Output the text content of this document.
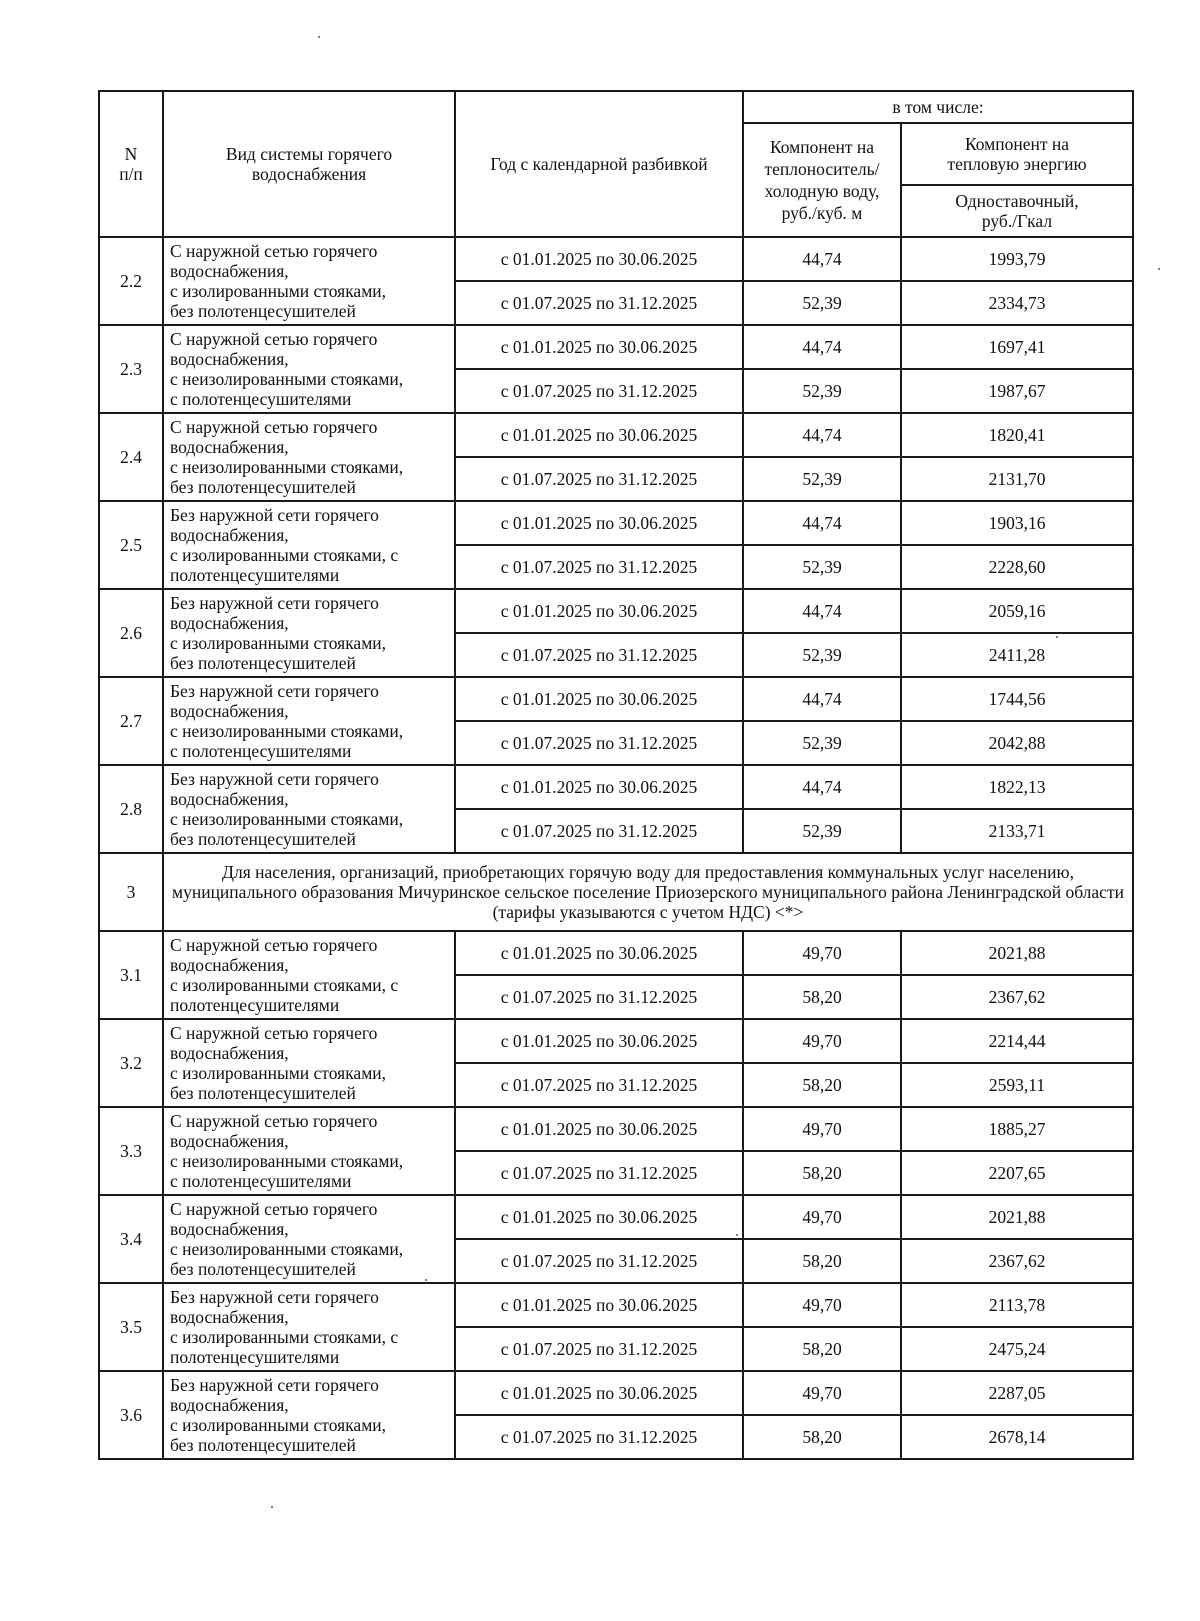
N
п/п	Вид системы горячего водоснабжения	Год с календарной разбивкой	в том числе:	
			Компонент на теплоноситель/ холодную воду, руб./куб. м	Компонент на тепловую энергию
				Одноставочный, руб./Гкал
2.2	С наружной сетью горячего
водоснабжения,
с изолированными стояками,
без полотенцесушителей	с 01.01.2025 по 30.06.2025	44,74	1993,79
		с 01.07.2025 по 31.12.2025	52,39	2334,73
2.3	С наружной сетью горячего
водоснабжения,
с неизолированными стояками,
с полотенцесушителями	с 01.01.2025 по 30.06.2025	44,74	1697,41
		с 01.07.2025 по 31.12.2025	52,39	1987,67
2.4	С наружной сетью горячего
водоснабжения,
с неизолированными стояками,
без полотенцесушителей	с 01.01.2025 по 30.06.2025	44,74	1820,41
		с 01.07.2025 по 31.12.2025	52,39	2131,70
2.5	Без наружной сети горячего
водоснабжения,
с изолированными стояками, с
полотенцесушителями	с 01.01.2025 по 30.06.2025	44,74	1903,16
		с 01.07.2025 по 31.12.2025	52,39	2228,60
2.6	Без наружной сети горячего
водоснабжения,
с изолированными стояками,
без полотенцесушителей	с 01.01.2025 по 30.06.2025	44,74	2059,16
		с 01.07.2025 по 31.12.2025	52,39	2411,28
2.7	Без наружной сети горячего
водоснабжения,
с неизолированными стояками,
с полотенцесушителями	с 01.01.2025 по 30.06.2025	44,74	1744,56
		с 01.07.2025 по 31.12.2025	52,39	2042,88
2.8	Без наружной сети горячего
водоснабжения,
с неизолированными стояками,
без полотенцесушителей	с 01.01.2025 по 30.06.2025	44,74	1822,13
		с 01.07.2025 по 31.12.2025	52,39	2133,71
3	Для населения, организаций, приобретающих горячую воду для предоставления коммунальных услуг населению, муниципального образования Мичуринское сельское поселение Приозерского муниципального района Ленинградской области (тарифы указываются с учетом НДС) <*>			
3.1	С наружной сетью горячего
водоснабжения,
с изолированными стояками, с
полотенцесушителями	с 01.01.2025 по 30.06.2025	49,70	2021,88
		с 01.07.2025 по 31.12.2025	58,20	2367,62
3.2	С наружной сетью горячего
водоснабжения,
с изолированными стояками,
без полотенцесушителей	с 01.01.2025 по 30.06.2025	49,70	2214,44
		с 01.07.2025 по 31.12.2025	58,20	2593,11
3.3	С наружной сетью горячего
водоснабжения,
с неизолированными стояками,
с полотенцесушителями	с 01.01.2025 по 30.06.2025	49,70	1885,27
		с 01.07.2025 по 31.12.2025	58,20	2207,65
3.4	С наружной сетью горячего
водоснабжения,
с неизолированными стояками,
без полотенцесушителей	с 01.01.2025 по 30.06.2025	49,70	2021,88
		с 01.07.2025 по 31.12.2025	58,20	2367,62
3.5	Без наружной сети горячего
водоснабжения,
с изолированными стояками, с
полотенцесушителями	с 01.01.2025 по 30.06.2025	49,70	2113,78
		с 01.07.2025 по 31.12.2025	58,20	2475,24
3.6	Без наружной сети горячего
водоснабжения,
с изолированными стояками,
без полотенцесушителей	с 01.01.2025 по 30.06.2025	49,70	2287,05
		с 01.07.2025 по 31.12.2025	58,20	2678,14
